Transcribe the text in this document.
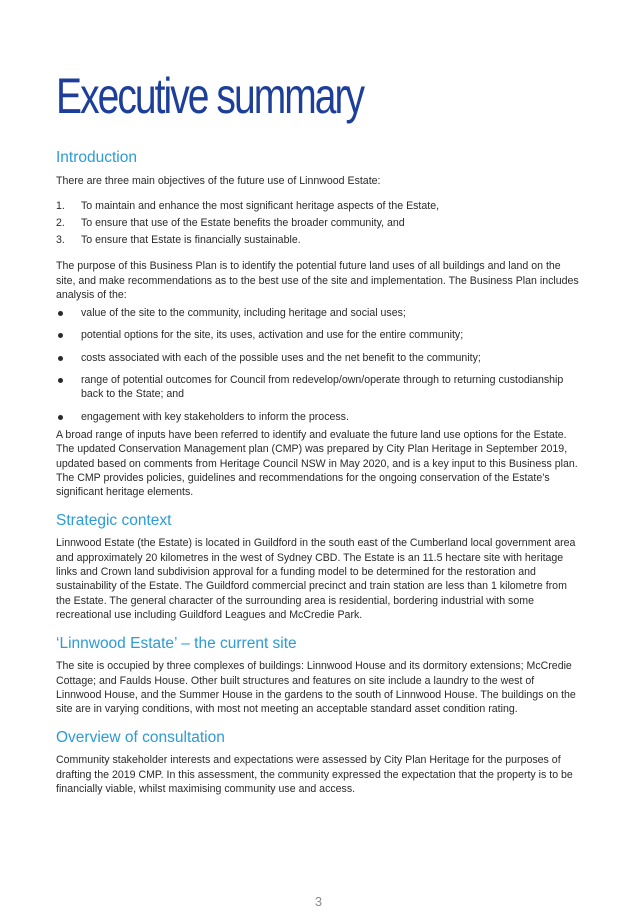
Executive summary
Introduction

There are three main objectives of the future use of Linnwood Estate:

1.	To maintain and enhance the most significant heritage aspects of the Estate,
2.	To ensure that use of the Estate benefits the broader community, and
3.	To ensure that Estate is financially sustainable.

The purpose of this Business Plan is to identify the potential future land uses of all buildings and land on the site, and make recommendations as to the best use of the site and implementation. The Business Plan includes analysis of the:

value of the site to the community, including heritage and social uses;
potential options for the site, its uses, activation and use for the entire community;
costs associated with each of the possible uses and the net benefit to the community;
range of potential outcomes for Council from redevelop/own/operate through to returning custodianship back to the State; and
engagement with key stakeholders to inform the process.

A broad range of inputs have been referred to identify and evaluate the future land use options for the Estate. The updated Conservation Management plan (CMP) was prepared by City Plan Heritage in September 2019, updated based on comments from Heritage Council NSW in May 2020, and is a key input to this Business plan. The CMP provides policies, guidelines and recommendations for the ongoing conservation of the Estate’s significant heritage elements.

Strategic context

Linnwood Estate (the Estate) is located in Guildford in the south east of the Cumberland local government area and approximately 20 kilometres in the west of Sydney CBD. The Estate is an 11.5 hectare site with heritage links and Crown land subdivision approval for a funding model to be determined for the restoration and sustainability of the Estate. The Guildford commercial precinct and train station are less than 1 kilometre from the Estate. The general character of the surrounding area is residential, bordering industrial with some recreational use including Guildford Leagues and McCredie Park.

‘Linnwood Estate’ – the current site

The site is occupied by three complexes of buildings: Linnwood House and its dormitory extensions; McCredie Cottage; and Faulds House. Other built structures and features on site include a laundry to the west of Linnwood House, and the Summer House in the gardens to the south of Linnwood House. The buildings on the site are in varying conditions, with most not meeting an acceptable standard asset condition rating.

Overview of consultation

Community stakeholder interests and expectations were assessed by City Plan Heritage for the purposes of drafting the 2019 CMP. In this assessment, the community expressed the expectation that the property is to be financially viable, whilst maximising community use and access.

3
